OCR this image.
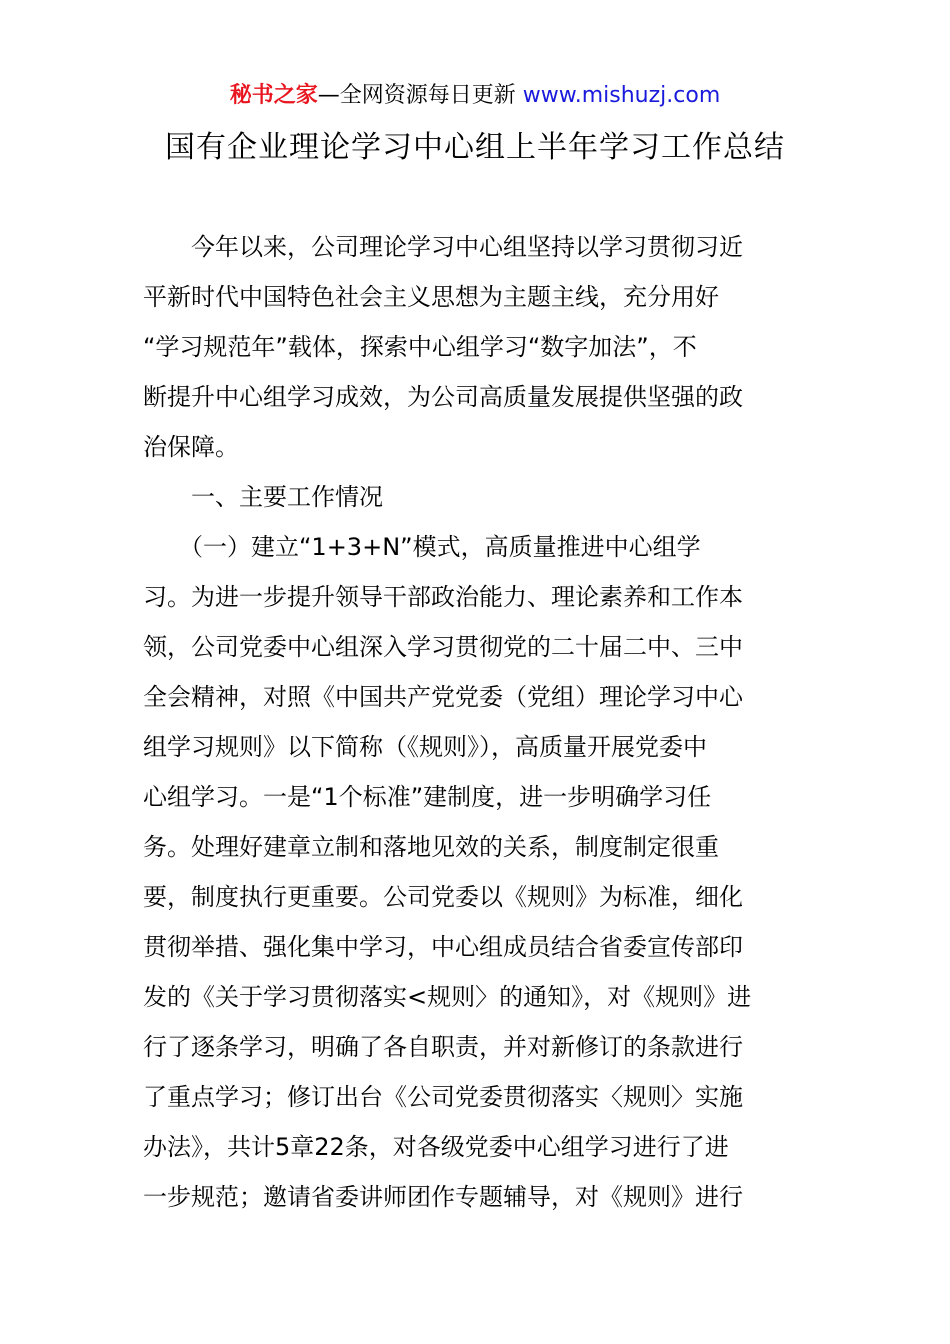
秘书之家—全网资源每日更新 www.mishuzj.com
国有企业理论学习中心组上半年学习工作总结
　　今年以来，公司理论学习中心组坚持以学习贯彻习近
平新时代中国特色社会主义思想为主题主线，充分用好
“学习规范年”载体，探索中心组学习“数字加法”，不
断提升中心组学习成效，为公司高质量发展提供坚强的政
治保障。
　　一、主要工作情况
　　（一）建立“1+3+N”模式，高质量推进中心组学
习。为进一步提升领导干部政治能力、理论素养和工作本
领，公司党委中心组深入学习贯彻党的二十届二中、三中
全会精神，对照《中国共产党党委（党组）理论学习中心
组学习规则》以下简称（《规则》），高质量开展党委中
心组学习。一是“1个标准”建制度，进一步明确学习任
务。处理好建章立制和落地见效的关系，制度制定很重
要，制度执行更重要。公司党委以《规则》为标准，细化
贯彻举措、强化集中学习，中心组成员结合省委宣传部印
发的《关于学习贯彻落实<规则〉的通知》，对《规则》进
行了逐条学习，明确了各自职责，并对新修订的条款进行
了重点学习；修订出台《公司党委贯彻落实〈规则〉实施
办法》，共计5章22条，对各级党委中心组学习进行了进
一步规范；邀请省委讲师团作专题辅导，对《规则》进行
